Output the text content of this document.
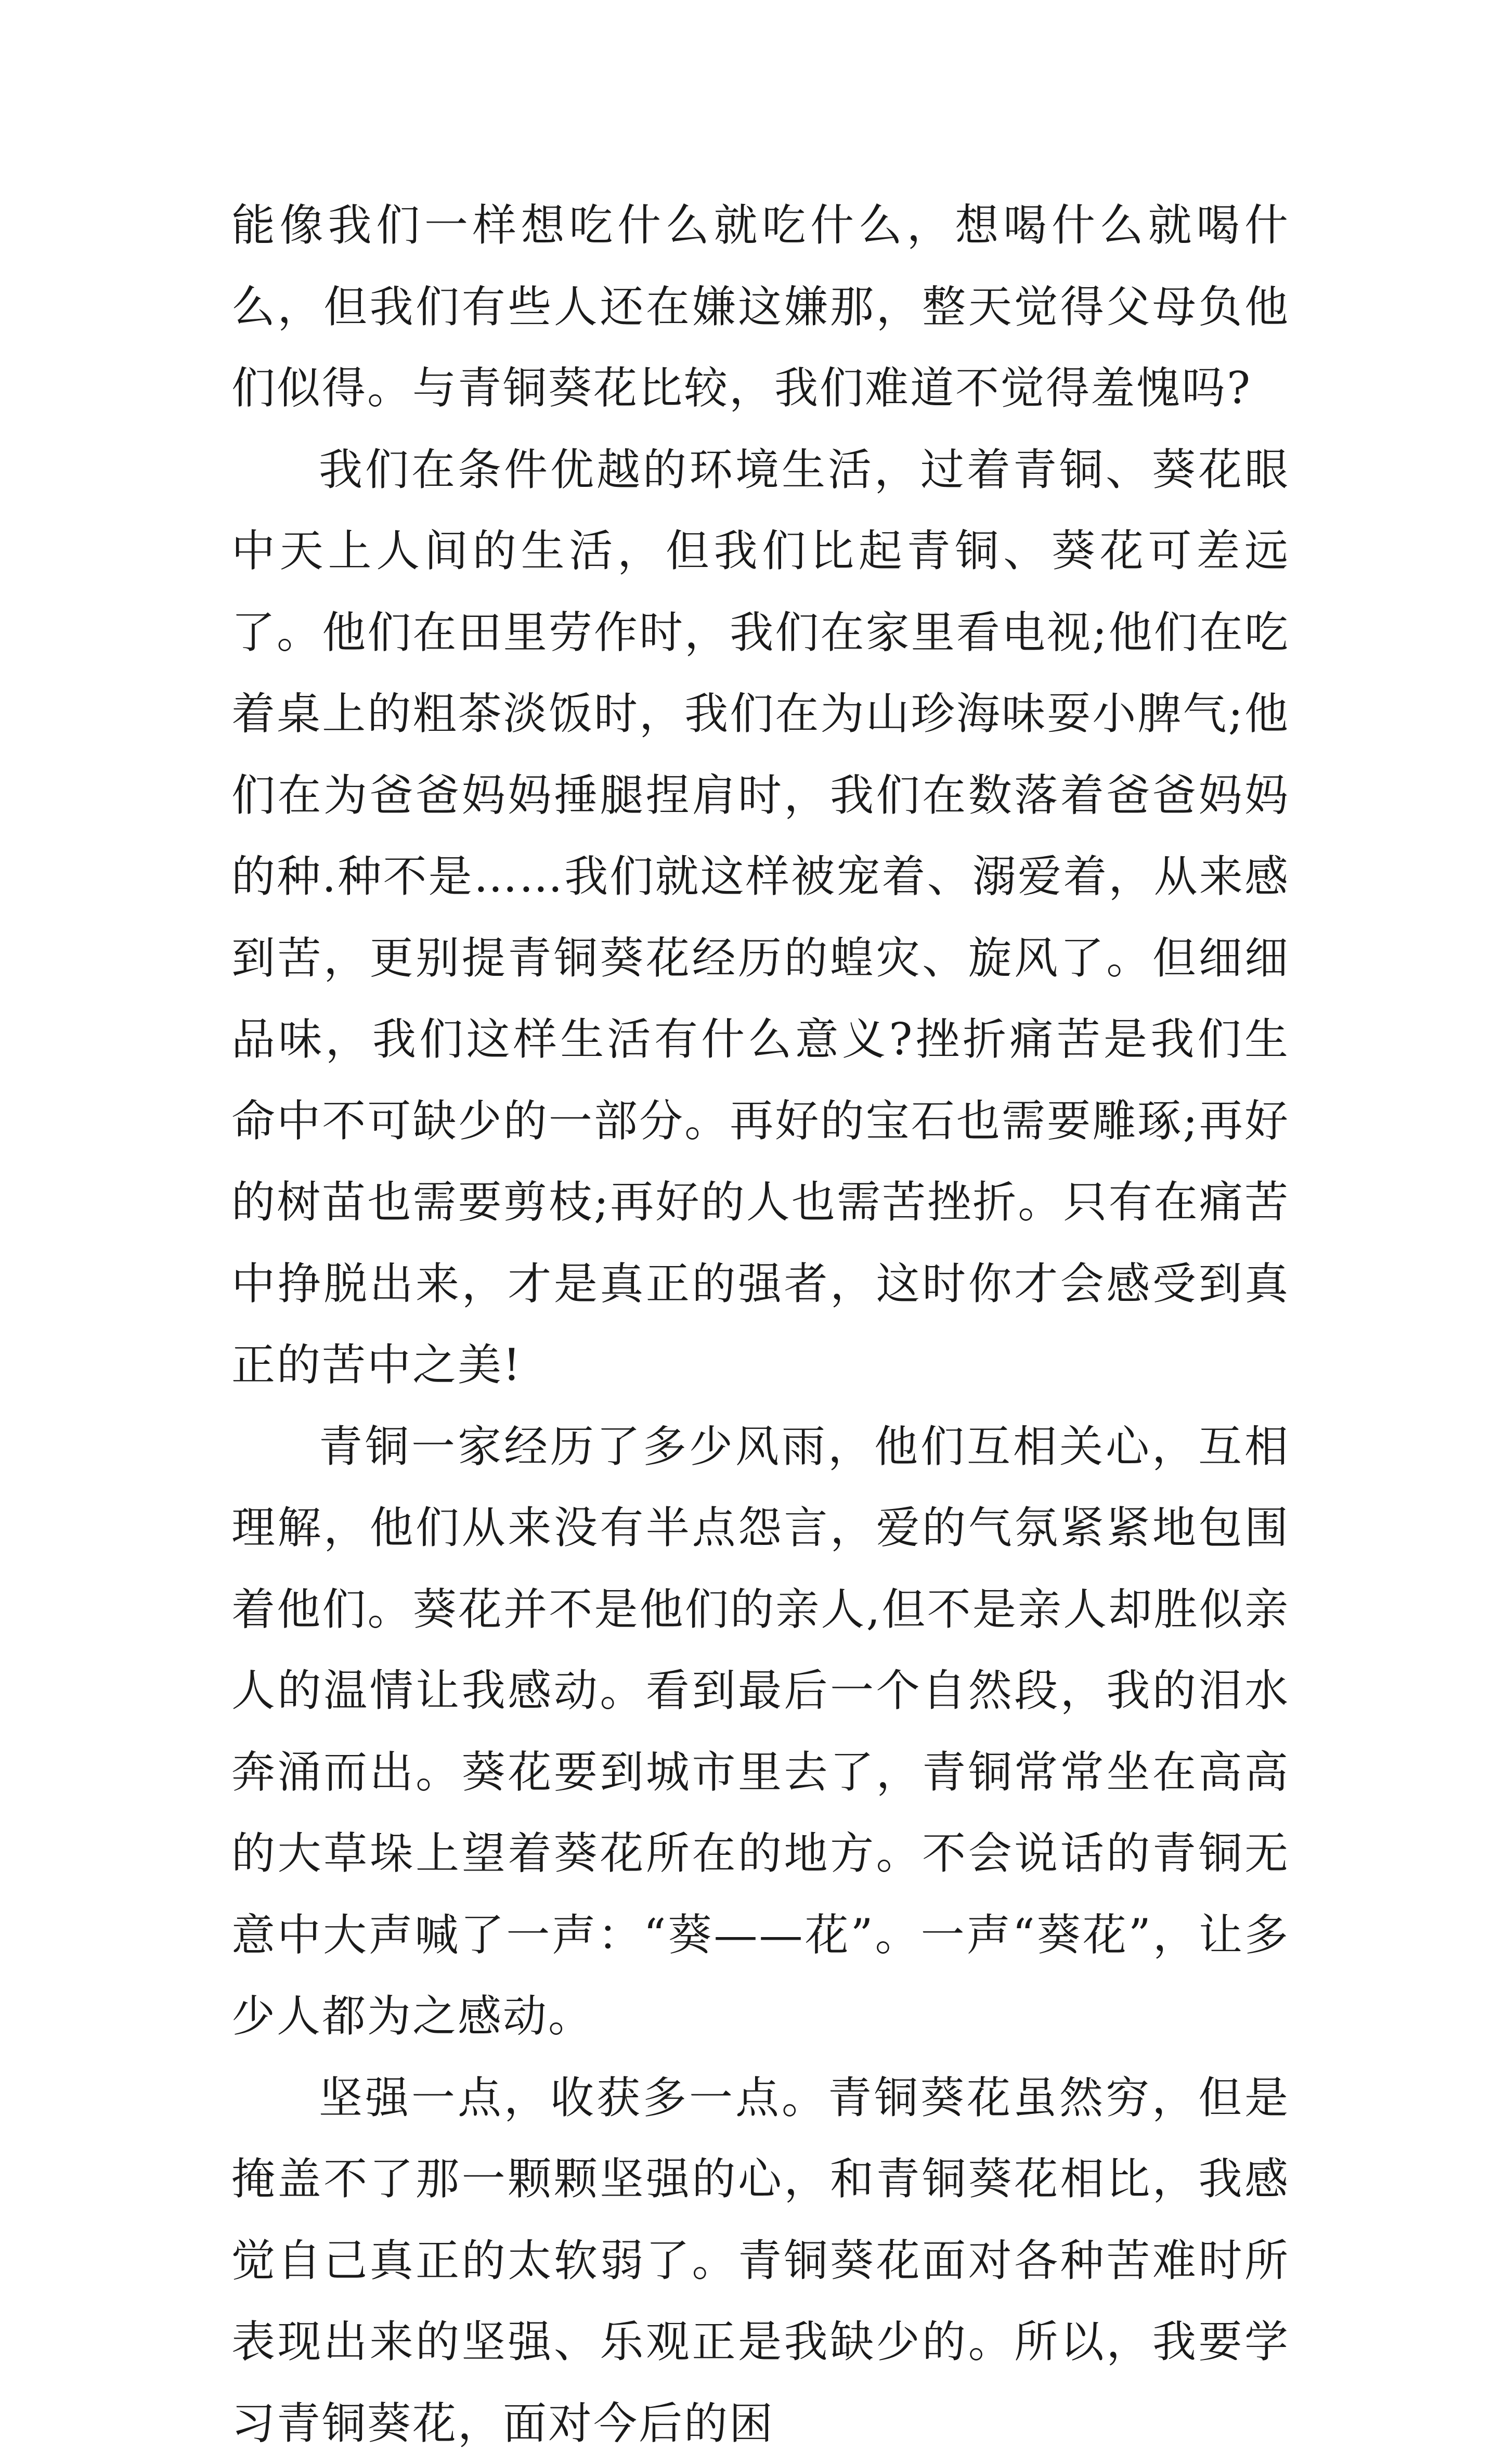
能像我们一样想吃什么就吃什么，想喝什么就喝什么，但我们有些人还在嫌这嫌那，整天觉得父母负他们似得。与青铜葵花比较，我们难道不觉得羞愧吗?

我们在条件优越的环境生活，过着青铜、葵花眼中天上人间的生活，但我们比起青铜、葵花可差远了。他们在田里劳作时，我们在家里看电视;他们在吃着桌上的粗茶淡饭时，我们在为山珍海味耍小脾气;他们在为爸爸妈妈捶腿捏肩时，我们在数落着爸爸妈妈的种.种不是……我们就这样被宠着、溺爱着，从来感到苦，更别提青铜葵花经历的蝗灾、旋风了。但细细品味，我们这样生活有什么意义?挫折痛苦是我们生命中不可缺少的一部分。再好的宝石也需要雕琢;再好的树苗也需要剪枝;再好的人也需苦挫折。只有在痛苦中挣脱出来，才是真正的强者，这时你才会感受到真正的苦中之美!

青铜一家经历了多少风雨，他们互相关心，互相理解，他们从来没有半点怨言，爱的气氛紧紧地包围着他们。葵花并不是他们的亲人,但不是亲人却胜似亲人的温情让我感动。看到最后一个自然段，我的泪水奔涌而出。葵花要到城市里去了，青铜常常坐在高高的大草垛上望着葵花所在的地方。不会说话的青铜无意中大声喊了一声：“葵——花”。一声“葵花”，让多少人都为之感动。

坚强一点，收获多一点。青铜葵花虽然穷，但是掩盖不了那一颗颗坚强的心，和青铜葵花相比，我感觉自己真正的太软弱了。青铜葵花面对各种苦难时所表现出来的坚强、乐观正是我缺少的。所以，我要学习青铜葵花，面对今后的困
